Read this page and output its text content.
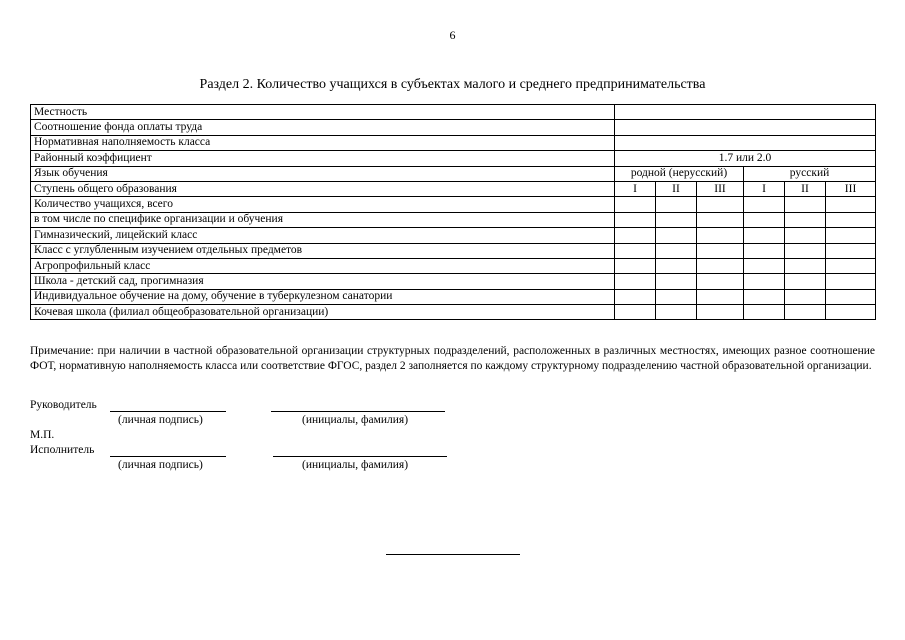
6
Раздел 2. Количество учащихся в субъектах малого и среднего предпринимательства
Местность						
Соотношение фонда оплаты труда						
Нормативная наполняемость класса						
Районный коэффициент	1.7 или 2.0					
Язык обучения	родной (нерусский)			русский		
Ступень общего образования	I	II	III	I	II	III
Количество учащихся, всего						
в том числе по специфике организации и обучения						
Гимназический, лицейский класс						
Класс с углубленным изучением отдельных предметов						
Агропрофильный класс						
Школа - детский сад, прогимназия						
Индивидуальное обучение на дому, обучение в туберкулезном санатории						
Кочевая школа (филиал общеобразовательной организации)						
Примечание: при наличии в частной образовательной организации структурных подразделений, расположенных в различных местностях, имеющих разное соотношение ФОТ, нормативную наполняемость класса или соответствие ФГОС, раздел 2 заполняется по каждому структурному подразделению частной образовательной организации.
Руководитель
(личная подпись)	(инициалы, фамилия)
М.П.
Исполнитель
(личная подпись)	(инициалы, фамилия)
